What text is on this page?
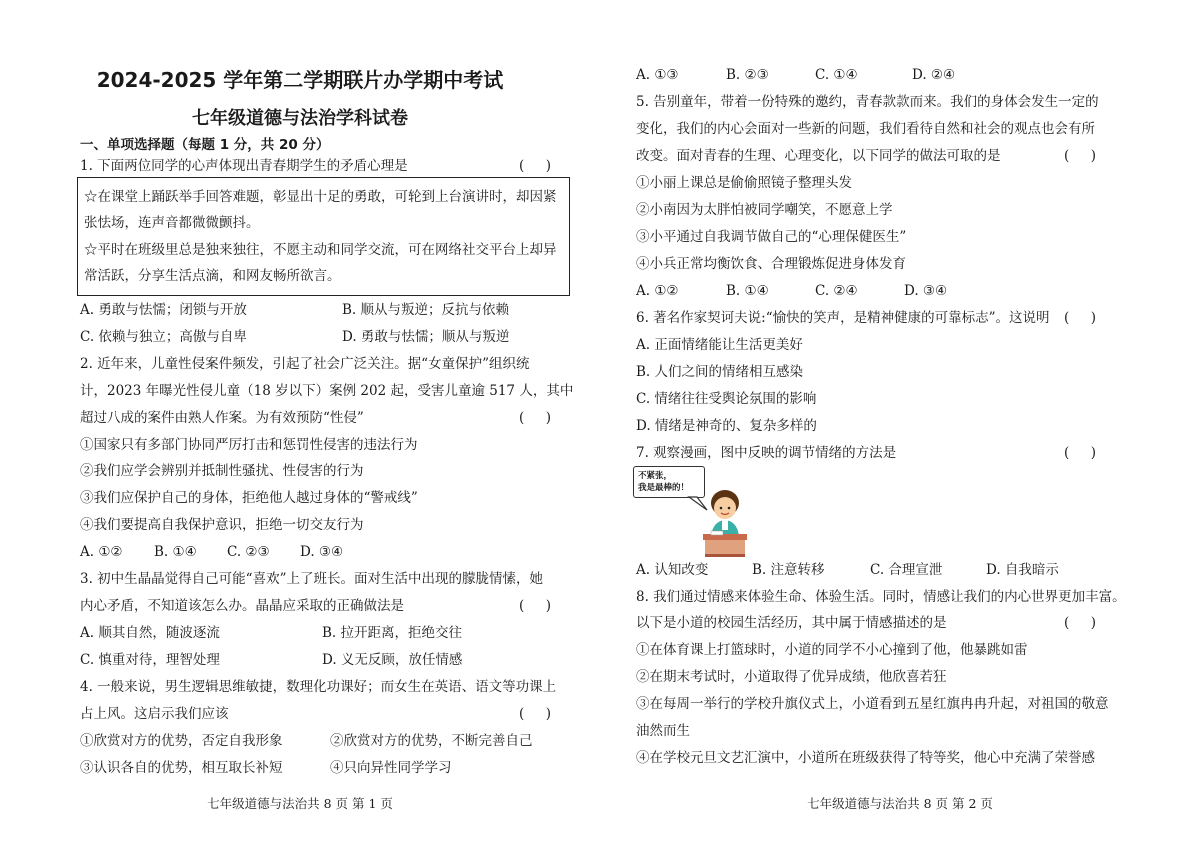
2024-2025 学年第二学期联片办学期中考试
七年级道德与法治学科试卷
一、单项选择题（每题 1 分，共 20 分）
1. 下面两位同学的心声体现出青春期学生的矛盾心理是	(     )
☆在课堂上踊跃举手回答难题，彰显出十足的勇敢，可轮到上台演讲时，却因紧
张怯场，连声音都微微颤抖。
☆平时在班级里总是独来独往，不愿主动和同学交流，可在网络社交平台上却异
常活跃，分享生活点滴，和网友畅所欲言。
A. 勇敢与怯懦；闭锁与开放	B. 顺从与叛逆；反抗与依赖
C. 依赖与独立；高傲与自卑	D. 勇敢与怯懦；顺从与叛逆
2. 近年来，儿童性侵案件频发，引起了社会广泛关注。据“女童保护”组织统
计，2023 年曝光性侵儿童（18 岁以下）案例 202 起，受害儿童逾 517 人，其中
超过八成的案件由熟人作案。为有效预防“性侵”	(     )
①国家只有多部门协同严厉打击和惩罚性侵害的违法行为
②我们应学会辨别并抵制性骚扰、性侵害的行为
③我们应保护自己的身体，拒绝他人越过身体的“警戒线”
④我们要提高自我保护意识，拒绝一切交友行为
A. ①② B. ①④ C. ②③ D. ③④
3. 初中生晶晶觉得自己可能“喜欢”上了班长。面对生活中出现的朦胧情愫，她
内心矛盾，不知道该怎么办。晶晶应采取的正确做法是	(     )
A. 顺其自然，随波逐流	B. 拉开距离，拒绝交往
C. 慎重对待，理智处理	D. 义无反顾，放任情感
4. 一般来说，男生逻辑思维敏捷，数理化功课好；而女生在英语、语文等功课上
占上风。这启示我们应该	(     )
①欣赏对方的优势，否定自我形象	②欣赏对方的优势，不断完善自己
③认识各自的优势，相互取长补短	④只向异性同学学习
七年级道德与法治共 8 页 第 1 页
A. ①③	B. ②③	C. ①④	D. ②④
5. 告别童年，带着一份特殊的邀约，青春款款而来。我们的身体会发生一定的
变化，我们的内心会面对一些新的问题，我们看待自然和社会的观点也会有所
改变。面对青春的生理、心理变化，以下同学的做法可取的是	(     )
①小丽上课总是偷偷照镜子整理头发
②小南因为太胖怕被同学嘲笑，不愿意上学
③小平通过自我调节做自己的“心理保健医生”
④小兵正常均衡饮食、合理锻炼促进身体发育
A. ①②	B. ①④	C. ②④	D. ③④
6. 著名作家契诃夫说:“愉快的笑声，是精神健康的可靠标志”。这说明 (     )
A. 正面情绪能让生活更美好
B. 人们之间的情绪相互感染
C. 情绪往往受舆论氛围的影响
D. 情绪是神奇的、复杂多样的
7. 观察漫画，图中反映的调节情绪的方法是	(     )
A. 认知改变	B. 注意转移	C. 合理宣泄	D. 自我暗示
8. 我们通过情感来体验生命、体验生活。同时，情感让我们的内心世界更加丰富。
以下是小道的校园生活经历，其中属于情感描述的是	(     )
①在体育课上打篮球时，小道的同学不小心撞到了他，他暴跳如雷
②在期末考试时，小道取得了优异成绩，他欣喜若狂
③在每周一举行的学校升旗仪式上，小道看到五星红旗冉冉升起，对祖国的敬意
油然而生
④在学校元旦文艺汇演中，小道所在班级获得了特等奖，他心中充满了荣誉感
七年级道德与法治共 8 页 第 2 页
不紧张，
我是最棒的！
